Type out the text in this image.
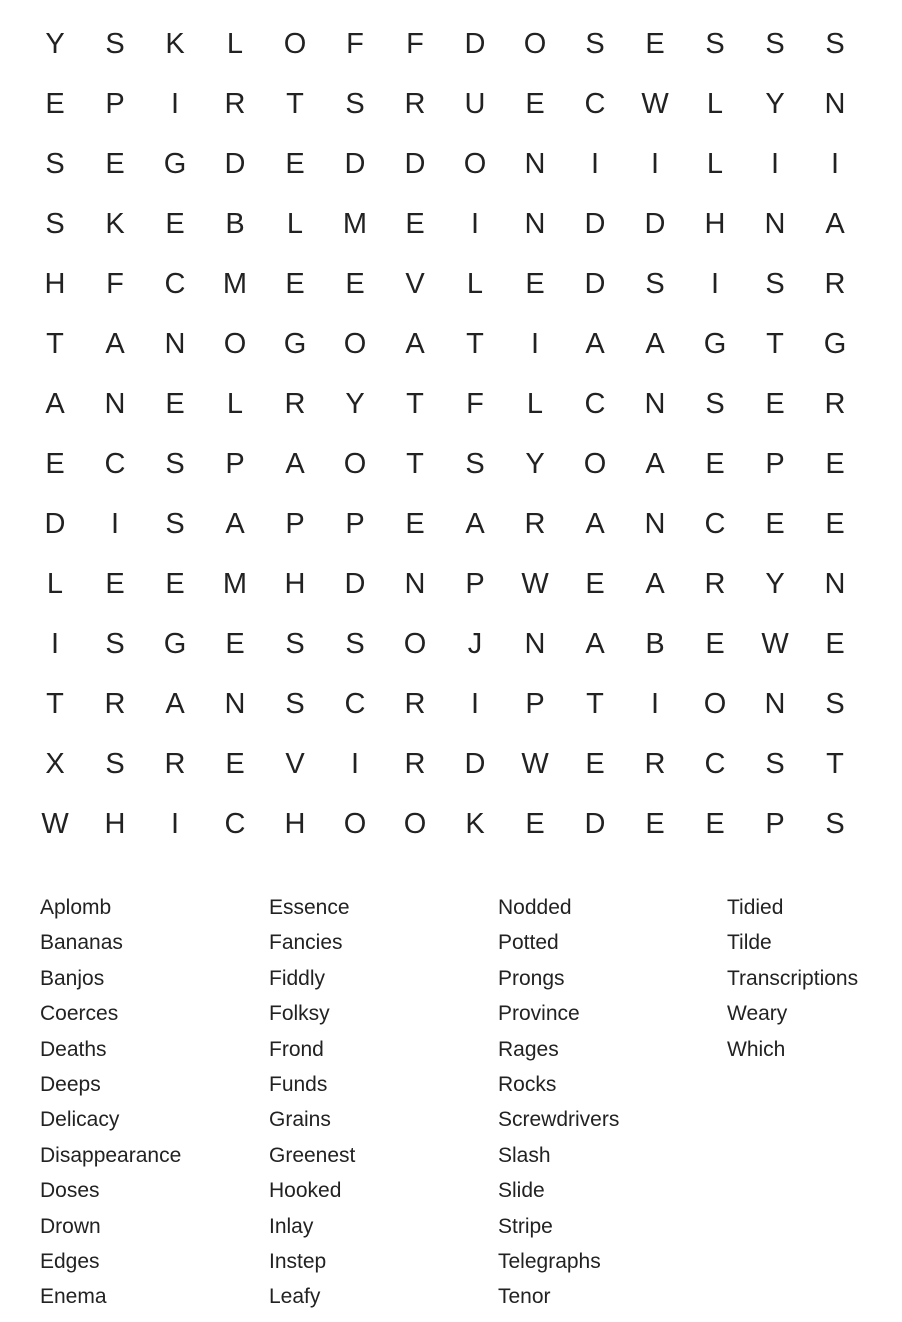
Y	S	K	L	O	F	F	D	O	S	E	S	S	S
E	P	I	R	T	S	R	U	E	C	W	L	Y	N
S	E	G	D	E	D	D	O	N	I	I	L	I	I
S	K	E	B	L	M	E	I	N	D	D	H	N	A
H	F	C	M	E	E	V	L	E	D	S	I	S	R
T	A	N	O	G	O	A	T	I	A	A	G	T	G
A	N	E	L	R	Y	T	F	L	C	N	S	E	R
E	C	S	P	A	O	T	S	Y	O	A	E	P	E
D	I	S	A	P	P	E	A	R	A	N	C	E	E
L	E	E	M	H	D	N	P	W	E	A	R	Y	N
I	S	G	E	S	S	O	J	N	A	B	E	W	E
T	R	A	N	S	C	R	I	P	T	I	O	N	S
X	S	R	E	V	I	R	D	W	E	R	C	S	T
W	H	I	C	H	O	O	K	E	D	E	E	P	S
Aplomb
Bananas
Banjos
Coerces
Deaths
Deeps
Delicacy
Disappearance
Doses
Drown
Edges
Enema
Essence
Fancies
Fiddly
Folksy
Frond
Funds
Grains
Greenest
Hooked
Inlay
Instep
Leafy
Nodded
Potted
Prongs
Province
Rages
Rocks
Screwdrivers
Slash
Slide
Stripe
Telegraphs
Tenor
Tidied
Tilde
Transcriptions
Weary
Which
